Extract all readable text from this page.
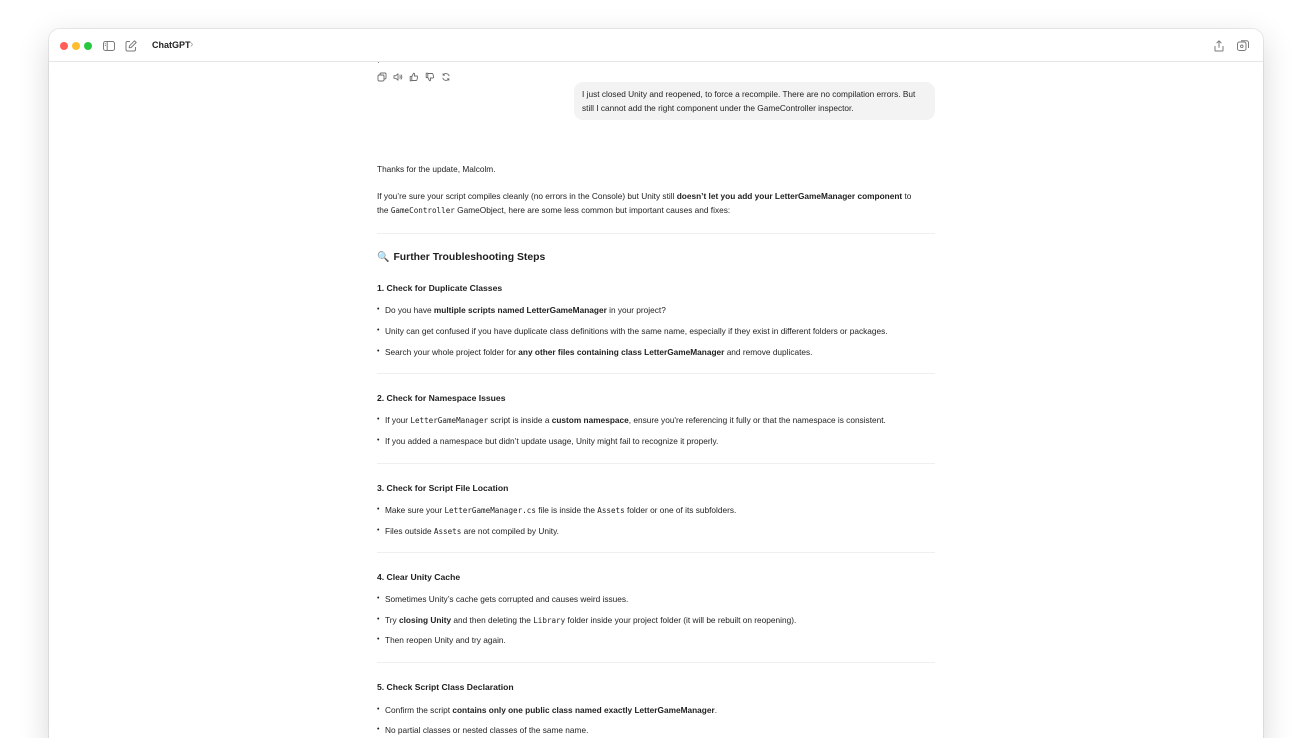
ChatGPT ›
·
I just closed Unity and reopened, to force a recompile. There are no compilation errors. But
still I cannot add the right component under the GameController inspector.
Thanks for the update, Malcolm.
If you’re sure your script compiles cleanly (no errors in the Console) but Unity still doesn’t let you add your LetterGameManager component to
the GameController GameObject, here are some less common but important causes and fixes:
🔍 Further Troubleshooting Steps
1. Check for Duplicate Classes
• Do you have multiple scripts named LetterGameManager in your project?
• Unity can get confused if you have duplicate class definitions with the same name, especially if they exist in different folders or packages.
• Search your whole project folder for any other files containing class LetterGameManager and remove duplicates.
2. Check for Namespace Issues
• If your LetterGameManager script is inside a custom namespace, ensure you're referencing it fully or that the namespace is consistent.
• If you added a namespace but didn’t update usage, Unity might fail to recognize it properly.
3. Check for Script File Location
• Make sure your LetterGameManager.cs file is inside the Assets folder or one of its subfolders.
• Files outside Assets are not compiled by Unity.
4. Clear Unity Cache
• Sometimes Unity’s cache gets corrupted and causes weird issues.
• Try closing Unity and then deleting the Library folder inside your project folder (it will be rebuilt on reopening).
• Then reopen Unity and try again.
5. Check Script Class Declaration
• Confirm the script contains only one public class named exactly LetterGameManager.
• No partial classes or nested classes of the same name.
